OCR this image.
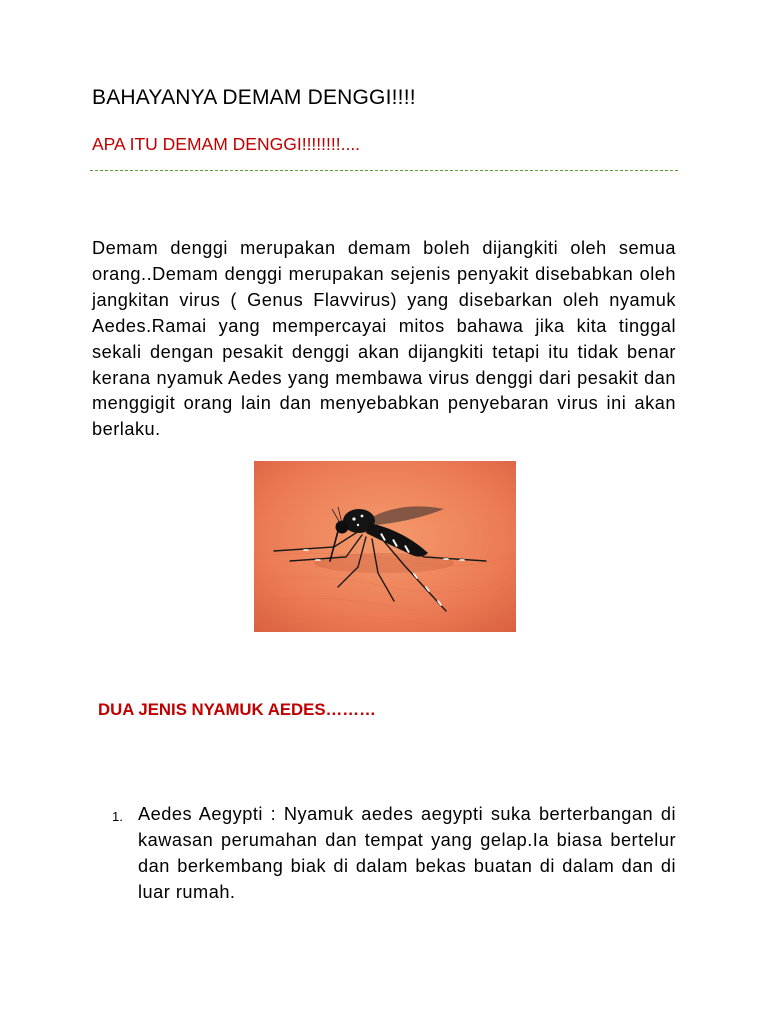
BAHAYANYA DEMAM DENGGI!!!!
APA ITU DEMAM DENGGI!!!!!!!!....

Demam denggi merupakan demam boleh dijangkiti oleh semua orang..Demam denggi merupakan sejenis penyakit disebabkan oleh jangkitan virus ( Genus Flavvirus) yang disebarkan oleh nyamuk Aedes.Ramai yang mempercayai mitos bahawa jika kita tinggal sekali dengan pesakit denggi akan dijangkiti tetapi itu tidak benar kerana nyamuk Aedes yang membawa virus denggi dari pesakit dan menggigit orang lain dan menyebabkan penyebaran virus ini akan berlaku.

DUA JENIS NYAMUK AEDES………
1. Aedes Aegypti : Nyamuk aedes aegypti suka berterbangan di kawasan perumahan dan tempat yang gelap.Ia biasa bertelur dan berkembang biak di dalam bekas buatan di dalam dan di luar rumah.
